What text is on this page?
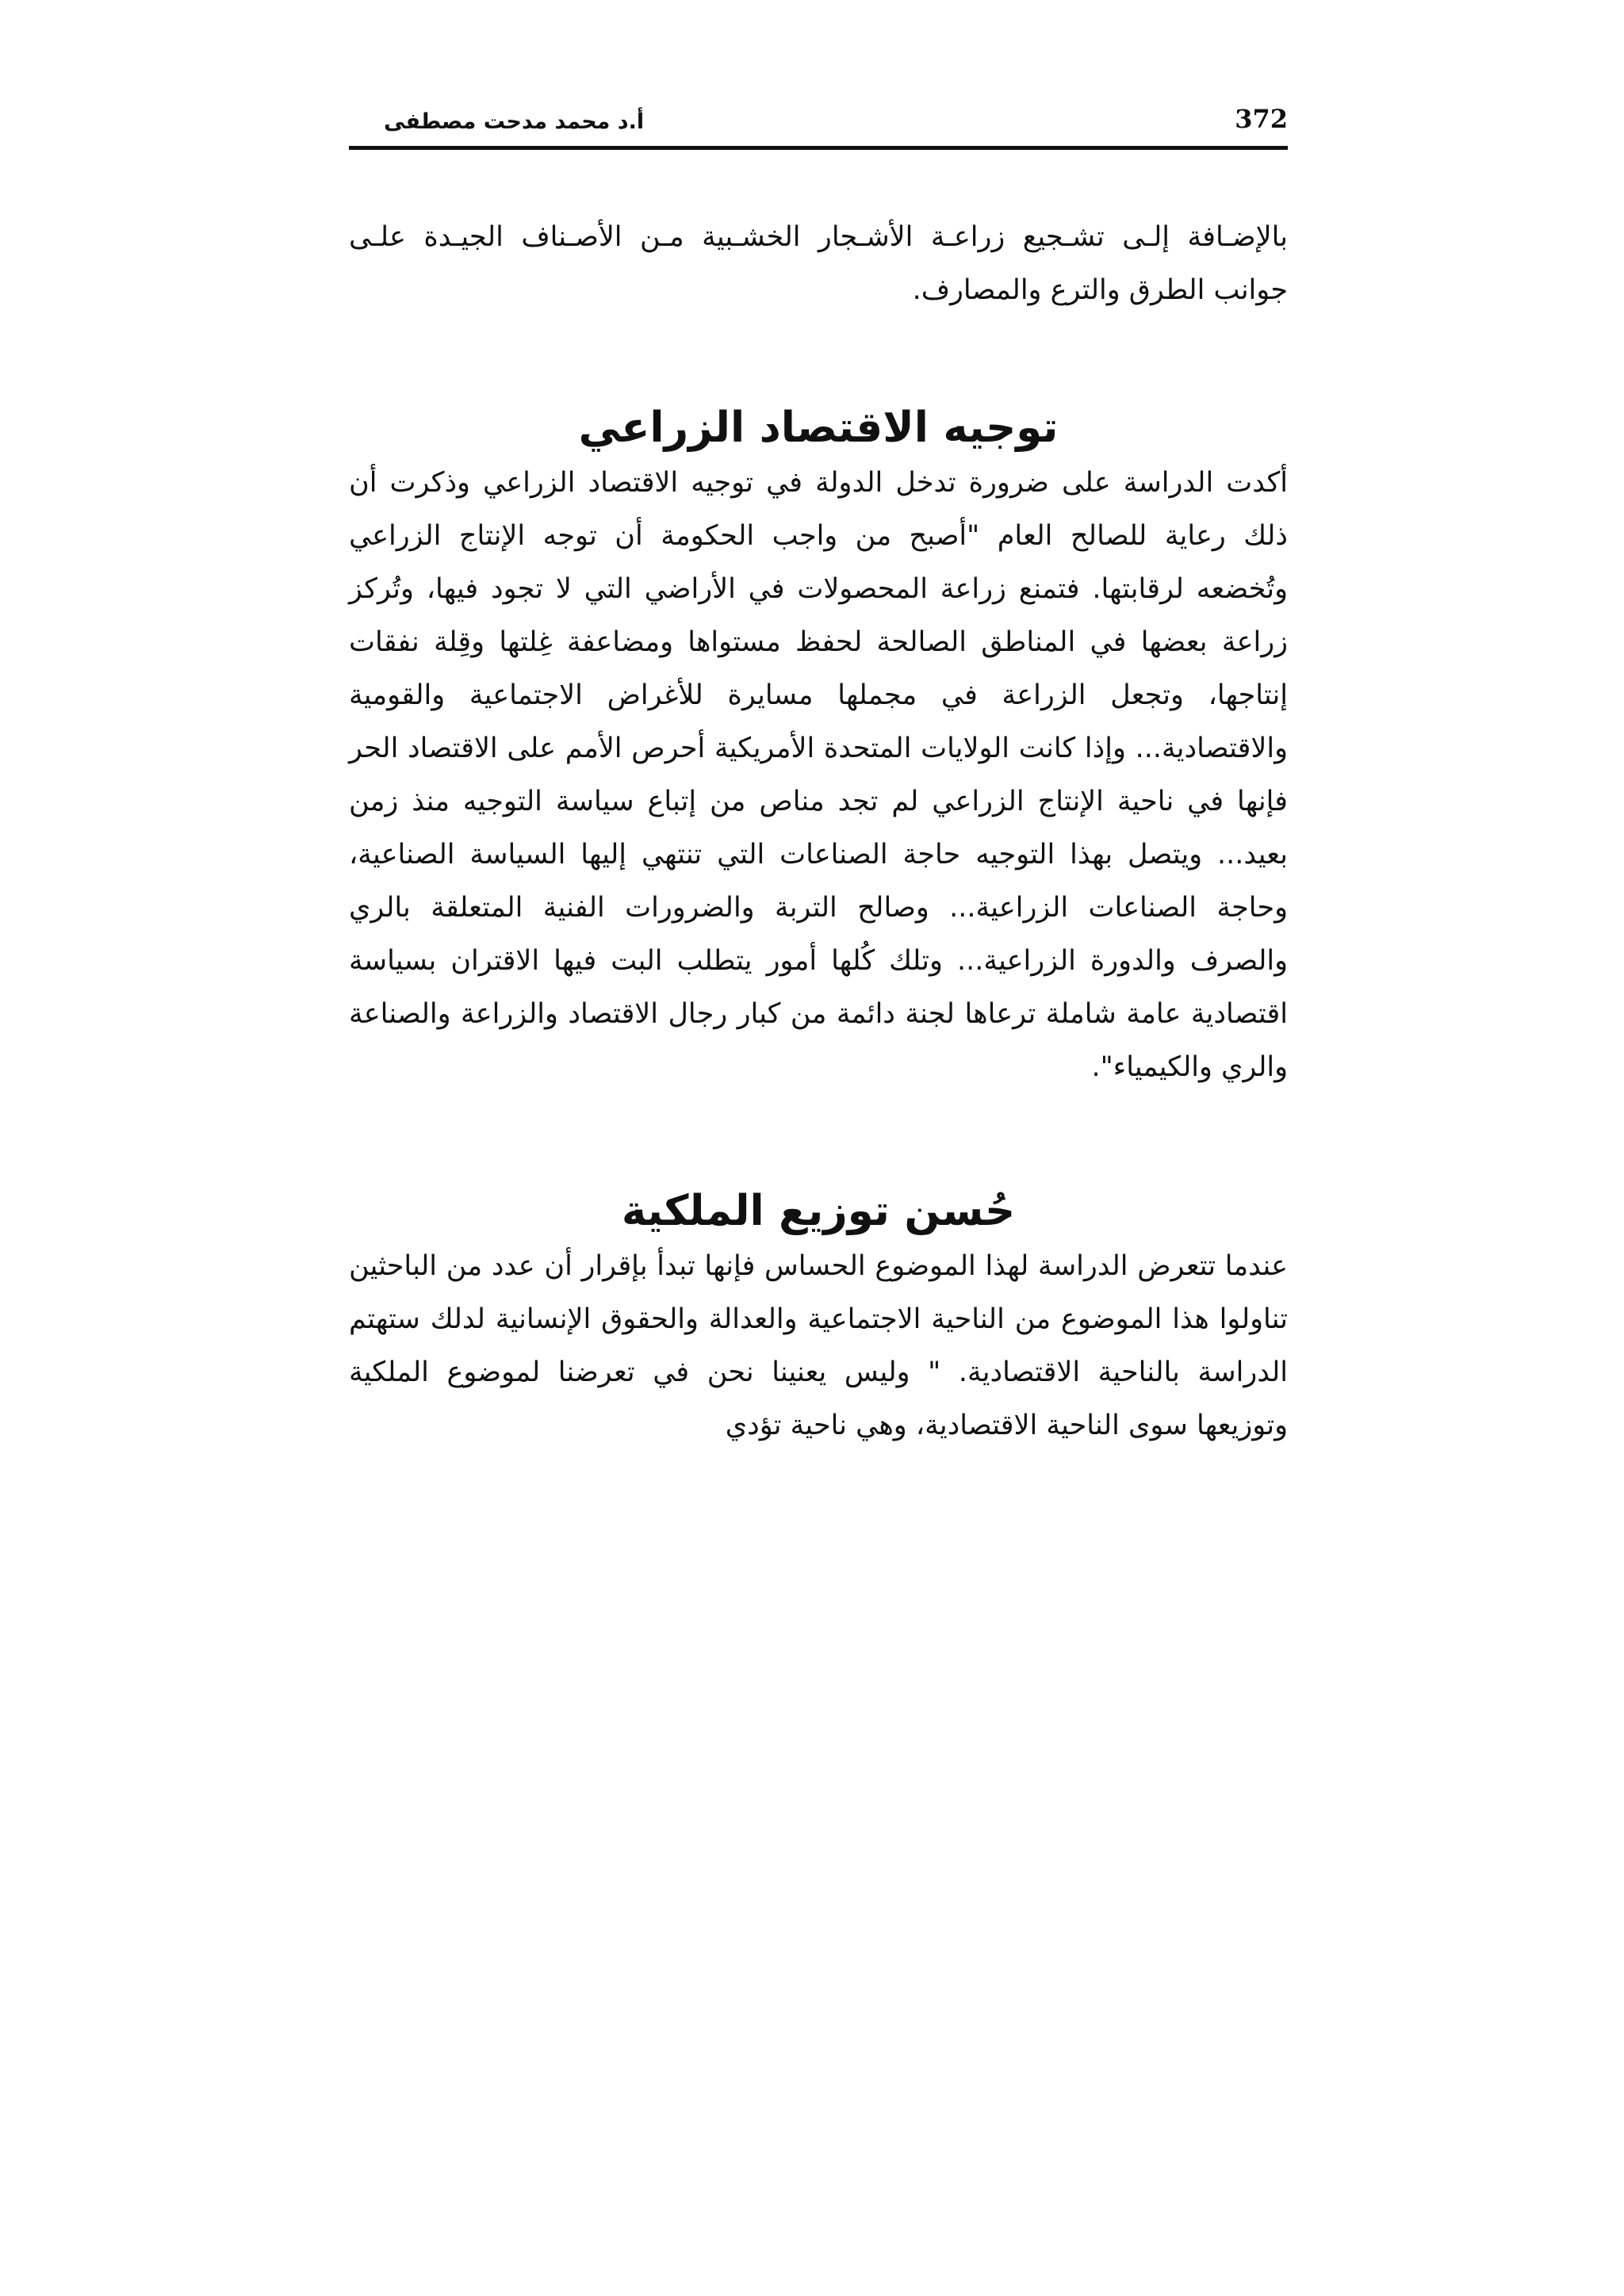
372
أ.د محمد مدحت مصطفى

بالإضـافة إلـى تشـجيع زراعـة الأشـجار الخشـبية مـن الأصـناف الجيـدة علـى جوانب الطرق والترع والمصارف.

توجيه الاقتصاد الزراعي

أكدت الدراسة على ضرورة تدخل الدولة في توجيه الاقتصاد الزراعي وذكرت أن ذلك رعاية للصالح العام "أصبح من واجب الحكومة أن توجه الإنتاج الزراعي وتُخضعه لرقابتها. فتمنع زراعة المحصولات في الأراضي التي لا تجود فيها، وتُركز زراعة بعضها في المناطق الصالحة لحفظ مستواها ومضاعفة غِلتها وقِلة نفقات إنتاجها، وتجعل الزراعة في مجملها مسايرة للأغراض الاجتماعية والقومية والاقتصادية... وإذا كانت الولايات المتحدة الأمريكية أحرص الأمم على الاقتصاد الحر فإنها في ناحية الإنتاج الزراعي لم تجد مناص من إتباع سياسة التوجيه منذ زمن بعيد... ويتصل بهذا التوجيه حاجة الصناعات التي تنتهي إليها السياسة الصناعية، وحاجة الصناعات الزراعية... وصالح التربة والضرورات الفنية المتعلقة بالري والصرف والدورة الزراعية... وتلك كُلها أمور يتطلب البت فيها الاقتران بسياسة اقتصادية عامة شاملة ترعاها لجنة دائمة من كبار رجال الاقتصاد والزراعة والصناعة والري والكيمياء".

حُسن توزيع الملكية

عندما تتعرض الدراسة لهذا الموضوع الحساس فإنها تبدأ بإقرار أن عدد من الباحثين تناولوا هذا الموضوع من الناحية الاجتماعية والعدالة والحقوق الإنسانية لدلك ستهتم الدراسة بالناحية الاقتصادية. " وليس يعنينا نحن في تعرضنا لموضوع الملكية وتوزيعها سوى الناحية الاقتصادية، وهي ناحية تؤدي
